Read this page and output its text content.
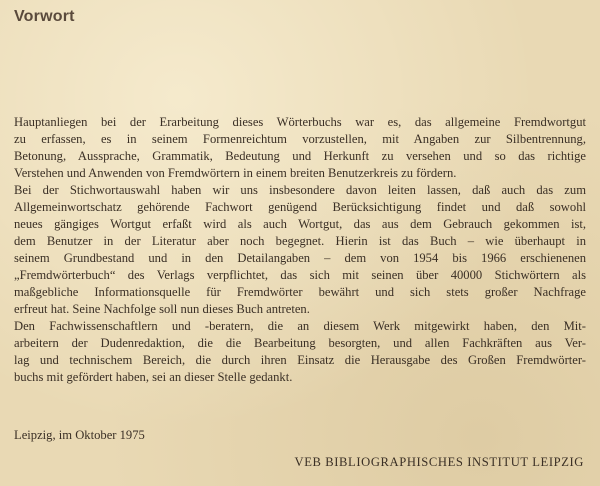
Vorwort
Hauptanliegen bei der Erarbeitung dieses Wörterbuchs war es, das allgemeine Fremdwortgut
zu erfassen, es in seinem Formenreichtum vorzustellen, mit Angaben zur Silbentrennung,
Betonung, Aussprache, Grammatik, Bedeutung und Herkunft zu versehen und so das richtige
Verstehen und Anwenden von Fremdwörtern in einem breiten Benutzerkreis zu fördern.
Bei der Stichwortauswahl haben wir uns insbesondere davon leiten lassen, daß auch das zum
Allgemeinwortschatz gehörende Fachwort genügend Berücksichtigung findet und daß sowohl
neues gängiges Wortgut erfaßt wird als auch Wortgut, das aus dem Gebrauch gekommen ist,
dem Benutzer in der Literatur aber noch begegnet. Hierin ist das Buch – wie überhaupt in
seinem Grundbestand und in den Detailangaben – dem von 1954 bis 1966 erschienenen
„Fremdwörterbuch“ des Verlags verpflichtet, das sich mit seinen über 40000 Stichwörtern als
maßgebliche Informationsquelle für Fremdwörter bewährt und sich stets großer Nachfrage
erfreut hat. Seine Nachfolge soll nun dieses Buch antreten.
Den Fachwissenschaftlern und -beratern, die an diesem Werk mitgewirkt haben, den Mit-
arbeitern der Dudenredaktion, die die Bearbeitung besorgten, und allen Fachkräften aus Ver-
lag und technischem Bereich, die durch ihren Einsatz die Herausgabe des Großen Fremdwörter-
buchs mit gefördert haben, sei an dieser Stelle gedankt.
Leipzig, im Oktober 1975
VEB BIBLIOGRAPHISCHES INSTITUT LEIPZIG
